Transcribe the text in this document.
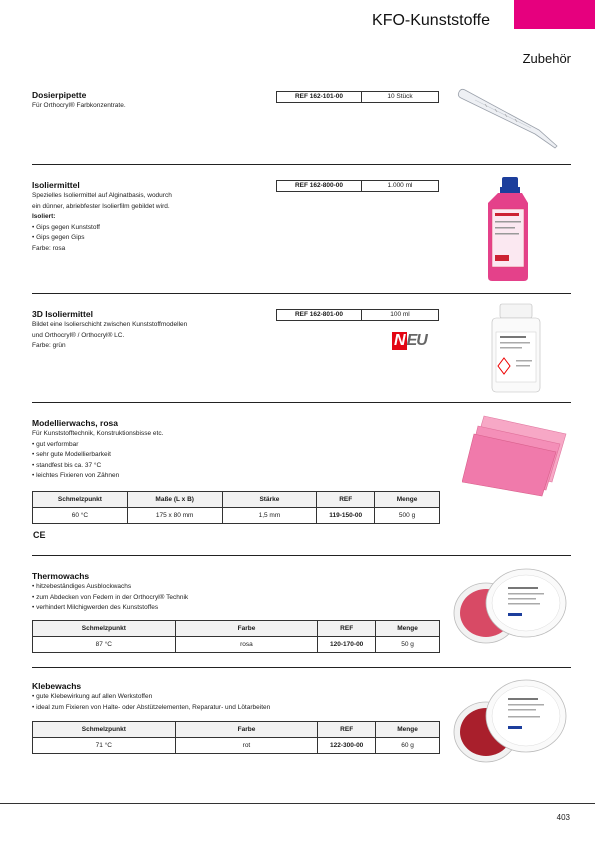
KFO-Kunststoffe
Zubehör
Dosierpipette
Für Orthocryl® Farbkonzentrate.
REF 162-101-00	10 Stück
Isoliermittel
Spezielles Isoliermittel auf Alginatbasis, wodurch
ein dünner, abriebfester Isolierfilm gebildet wird.
Isoliert:
• Gips gegen Kunststoff
• Gips gegen Gips
Farbe: rosa
REF 162-800-00	1.000 ml
3D Isoliermittel
Bildet eine Isolierschicht zwischen Kunststoffmodellen
und Orthocryl® / Orthocryl® LC.
Farbe: grün
REF 162-801-00	100 ml
N EU
Modellierwachs, rosa
Für Kunststofftechnik, Konstruktionsbisse etc.
• gut verformbar
• sehr gute Modellierbarkeit
• standfest bis ca. 37 °C
• leichtes Fixieren von Zähnen
Schmelzpunkt	Maße (L x B)	Stärke	REF	Menge
60 °C	175 x 80 mm	1,5 mm	119-150-00	500 g
CE
Thermowachs
• hitzebeständiges Ausblockwachs
• zum Abdecken von Federn in der Orthocryl® Technik
• verhindert Milchigwerden des Kunststoffes
Schmelzpunkt	Farbe	REF	Menge
87 °C	rosa	120-170-00	50 g
Klebewachs
• gute Klebewirkung auf allen Werkstoffen
• ideal zum Fixieren von Halte- oder Abstützelementen, Reparatur- und Lötarbeiten
Schmelzpunkt	Farbe	REF	Menge
71 °C	rot	122-300-00	60 g
403
